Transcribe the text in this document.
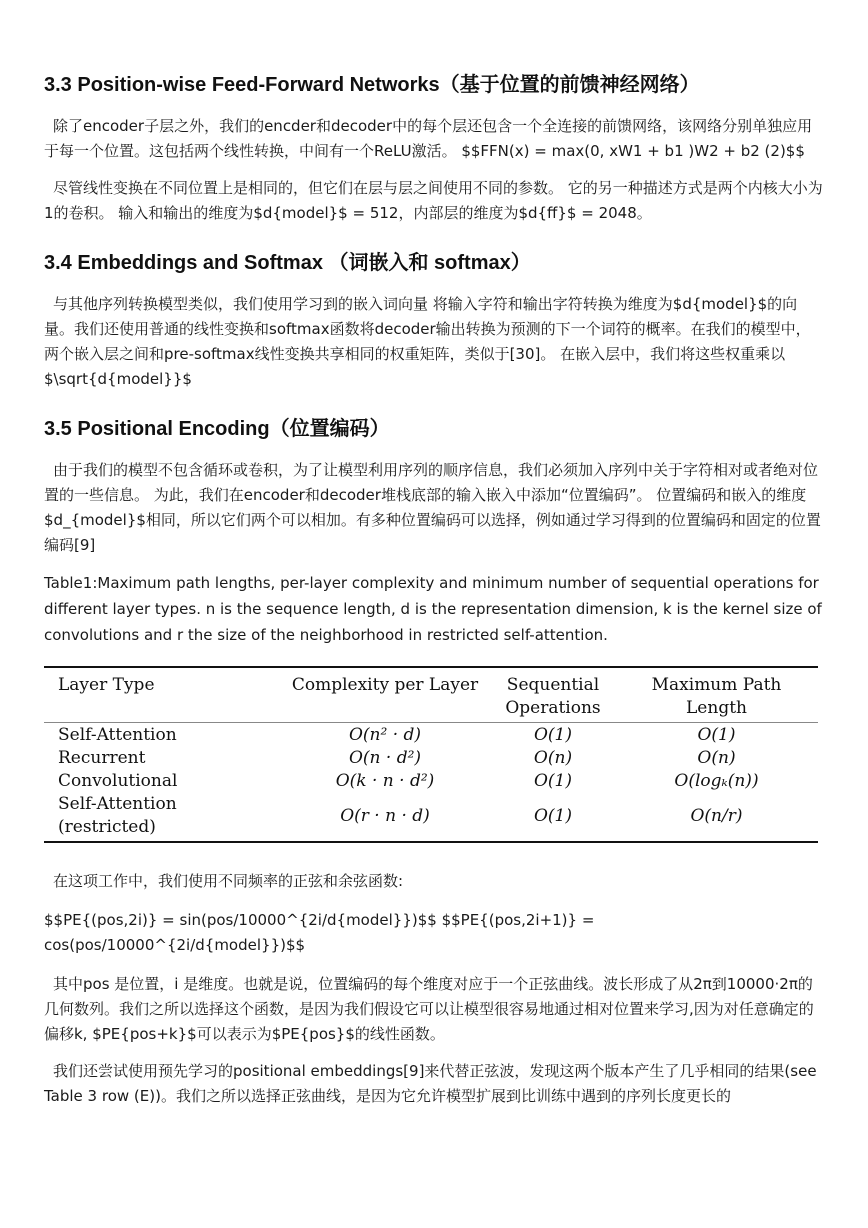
3.3 Position-wise Feed-Forward Networks（基于位置的前馈神经网络）

除了encoder子层之外，我们的encder和decoder中的每个层还包含一个全连接的前馈网络，该网络分别单独应用于每一个位置。这包括两个线性转换，中间有一个ReLU激活。 $$FFN(x) = max(0, xW1 + b1 )W2 + b2 (2)$$

尽管线性变换在不同位置上是相同的，但它们在层与层之间使用不同的参数。 它的另一种描述方式是两个内核大小为1的卷积。 输入和输出的维度为$d{model}$ = 512，内部层的维度为$d{ff}$ = 2048。

3.4 Embeddings and Softmax （词嵌入和 softmax）

与其他序列转换模型类似，我们使用学习到的嵌入词向量 将输入字符和输出字符转换为维度为$d{model}$的向量。我们还使用普通的线性变换和softmax函数将decoder输出转换为预测的下一个词符的概率。在我们的模型中，两个嵌入层之间和pre-softmax线性变换共享相同的权重矩阵，类似于[30]。 在嵌入层中，我们将这些权重乘以$\sqrt{d{model}}$

3.5 Positional Encoding（位置编码）

由于我们的模型不包含循环或卷积，为了让模型利用序列的顺序信息，我们必须加入序列中关于字符相对或者绝对位置的一些信息。 为此，我们在encoder和decoder堆栈底部的输入嵌入中添加“位置编码”。 位置编码和嵌入的维度$d_{model}$相同，所以它们两个可以相加。有多种位置编码可以选择，例如通过学习得到的位置编码和固定的位置编码[9]

Table1:Maximum path lengths, per-layer complexity and minimum number of sequential operations for different layer types. n is the sequence length, d is the representation dimension, k is the kernel size of convolutions and r the size of the neighborhood in restricted self-attention.

Layer Type	Complexity per Layer	Sequential Operations	Maximum Path Length
Self-Attention	O(n² · d)	O(1)	O(1)
Recurrent	O(n · d²)	O(n)	O(n)
Convolutional	O(k · n · d²)	O(1)	O(logₖ(n))
Self-Attention (restricted)	O(r · n · d)	O(1)	O(n/r)

在这项工作中，我们使用不同频率的正弦和余弦函数:

$$PE{(pos,2i)} = sin(pos/10000^{2i/d{model}})$$ $$PE{(pos,2i+1)} = cos(pos/10000^{2i/d{model}})$$

其中pos 是位置，i 是维度。也就是说，位置编码的每个维度对应于一个正弦曲线。波长形成了从2π到10000·2π的几何数列。我们之所以选择这个函数，是因为我们假设它可以让模型很容易地通过相对位置来学习,因为对任意确定的偏移k, $PE{pos+k}$可以表示为$PE{pos}$的线性函数。

我们还尝试使用预先学习的positional embeddings[9]来代替正弦波，发现这两个版本产生了几乎相同的结果(see Table 3 row (E))。我们之所以选择正弦曲线，是因为它允许模型扩展到比训练中遇到的序列长度更长的
